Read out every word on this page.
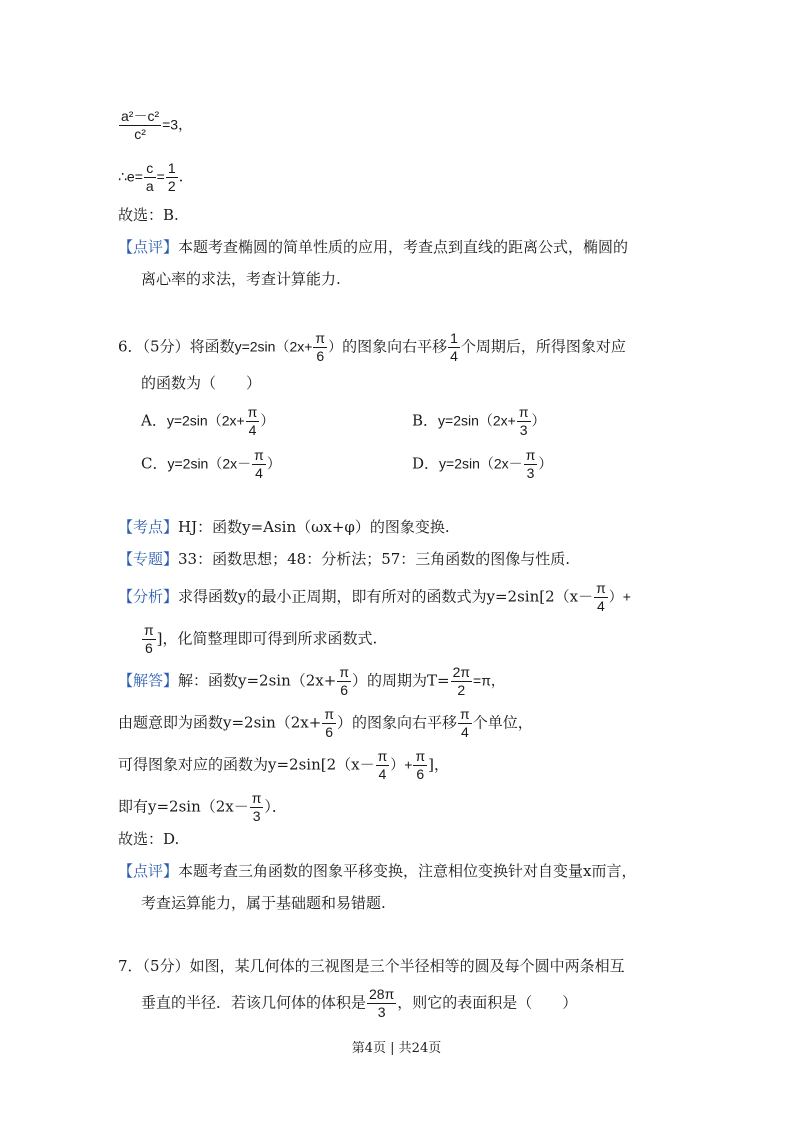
$\frac{\text{a²－c²}}{\text{c²}} =3$，
∴e= $\frac{c}{a} = \frac{1}{2}$ .
故选：B.
【点评】本题考查椭圆的简单性质的应用，考查点到直线的距离公式，椭圆的
离心率的求法，考查计算能力.
6．（5分）将函数$y=2\sin(2x+ \frac{\pi}{6}$ ）的图象向右平移 $\frac{1}{4}$ 个周期后，所得图象对应
的函数为（　　）
A．$y=2\sin(2x+ \frac{\pi}{4}$ ）	B．$y=2\sin(2x+ \frac{\pi}{3}$ ）
C．$y=2\sin(2x- \frac{\pi}{4}$ ）	D．$y=2\sin(2x- \frac{\pi}{3}$ ）
【考点】HJ：函数y=Asin（ωx+φ）的图象变换.
【专题】33：函数思想；48：分析法；57：三角函数的图像与性质.
【分析】求得函数y的最小正周期，即有所对的函数式为$y=2\sin[2(x- \frac{\pi}{4}$ ）+
$\frac{\pi}{6}$ ]，化简整理即可得到所求函数式.
【解答】解：函数$y=2\sin(2x+ \frac{\pi}{6}$ ）的周期为$T= \frac{2\pi}{2} =\pi$，
由题意即为函数$y=2\sin(2x+ \frac{\pi}{6}$ ）的图象向右平移 $\frac{\pi}{4}$ 个单位，
可得图象对应的函数为$y=2\sin[2(x- \frac{\pi}{4}$ ）+ $\frac{\pi}{6}$ ]，
即有$y=2\sin(2x- \frac{\pi}{3}$ ）．
故选：D.
【点评】本题考查三角函数的图象平移变换，注意相位变换针对自变量x而言，
考查运算能力，属于基础题和易错题.
7．（5分）如图，某几何体的三视图是三个半径相等的圆及每个圆中两条相互
垂直的半径．若该几何体的体积是 $\frac{28\pi}{3}$ ，则它的表面积是（　　）
第4页 | 共24页
